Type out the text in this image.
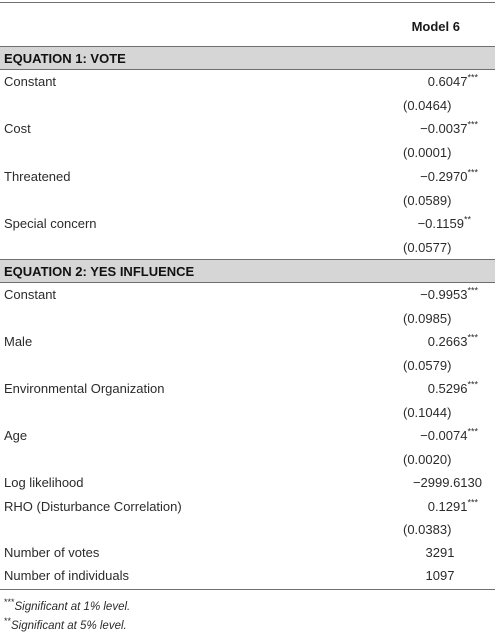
Model 6
EQUATION 1: VOTE
Constant	0.6047***
(0.0464)
Cost	−0.0037***
(0.0001)
Threatened	−0.2970***
(0.0589)
Special concern	−0.1159**
(0.0577)
EQUATION 2: YES INFLUENCE
Constant	−0.9953***
(0.0985)
Male	0.2663***
(0.0579)
Environmental Organization	0.5296***
(0.1044)
Age	−0.0074***
(0.0020)
Log likelihood	−2999.6130
RHO (Disturbance Correlation)	0.1291***
(0.0383)
Number of votes	3291
Number of individuals	1097
***Significant at 1% level.
**Significant at 5% level.
